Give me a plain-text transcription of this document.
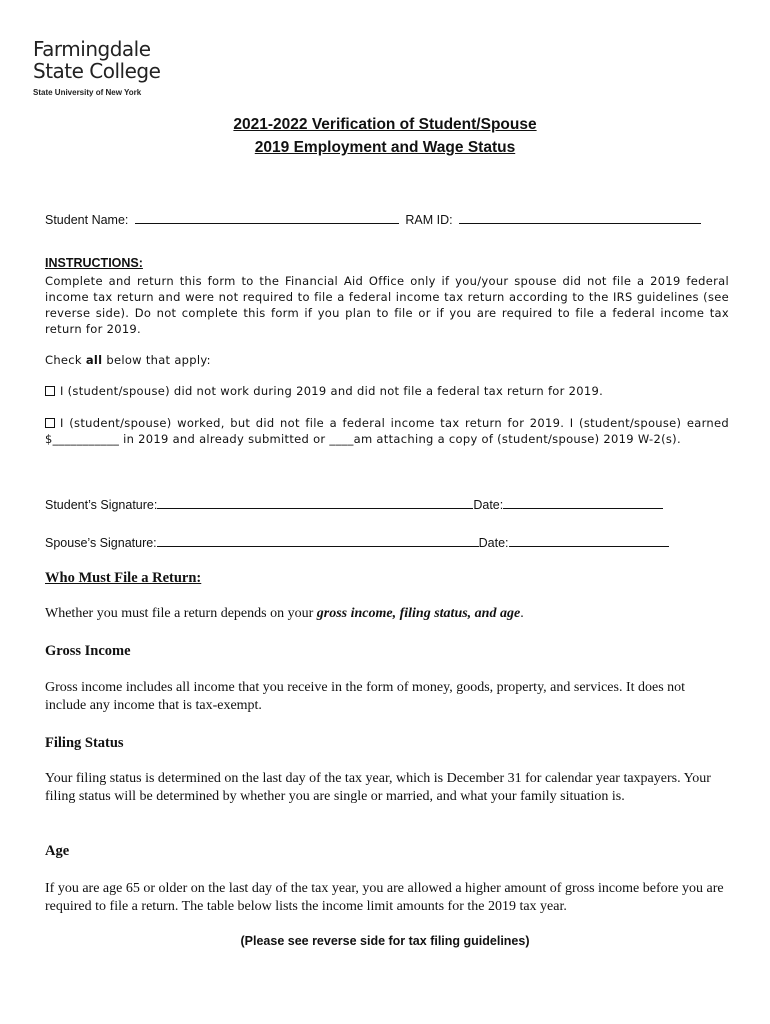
Farmingdale
State College
State University of New York
2021-2022 Verification of Student/Spouse
2019 Employment and Wage Status
Student Name:	RAM ID:
INSTRUCTIONS:
Complete and return this form to the Financial Aid Office only if you/your spouse did not file a 2019 federal income tax return and were not required to file a federal income tax return according to the IRS guidelines (see reverse side). Do not complete this form if you plan to file or if you are required to file a federal income tax return for 2019.
Check all below that apply:
I (student/spouse) did not work during 2019 and did not file a federal tax return for 2019.
I (student/spouse) worked, but did not file a federal income tax return for 2019. I (student/spouse) earned $___________ in 2019 and already submitted or ____am attaching a copy of (student/spouse) 2019 W-2(s).
Student’s Signature:	Date:
Spouse’s Signature:	Date:
Who Must File a Return:
Whether you must file a return depends on your gross income, filing status, and age.
Gross Income
Gross income includes all income that you receive in the form of money, goods, property, and services. It does not include any income that is tax-exempt.
Filing Status
Your filing status is determined on the last day of the tax year, which is December 31 for calendar year taxpayers. Your filing status will be determined by whether you are single or married, and what your family situation is.
Age
If you are age 65 or older on the last day of the tax year, you are allowed a higher amount of gross income before you are required to file a return. The table below lists the income limit amounts for the 2019 tax year.
(Please see reverse side for tax filing guidelines)
